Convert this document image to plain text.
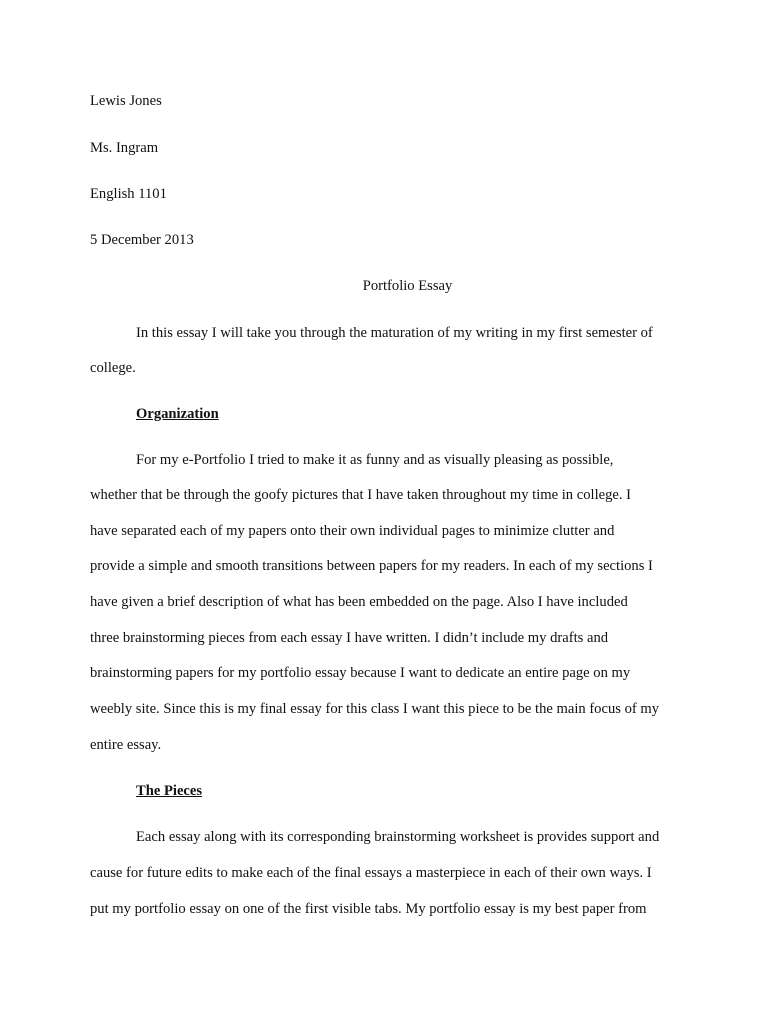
Lewis Jones
Ms. Ingram
English 1101
5 December 2013
Portfolio Essay
In this essay I will take you through the maturation of my writing in my first semester of
college.
Organization
For my e-Portfolio I tried to make it as funny and as visually pleasing as possible,
whether that be through the goofy pictures that I have taken throughout my time in college. I
have separated each of my papers onto their own individual pages to minimize clutter and
provide a simple and smooth transitions between papers for my readers. In each of my sections I
have given a brief description of what has been embedded on the page. Also I have included
three brainstorming pieces from each essay I have written. I didn’t include my drafts and
brainstorming papers for my portfolio essay because I want to dedicate an entire page on my
weebly site. Since this is my final essay for this class I want this piece to be the main focus of my
entire essay.
The Pieces
Each essay along with its corresponding brainstorming worksheet is provides support and
cause for future edits to make each of the final essays a masterpiece in each of their own ways. I
put my portfolio essay on one of the first visible tabs. My portfolio essay is my best paper from
